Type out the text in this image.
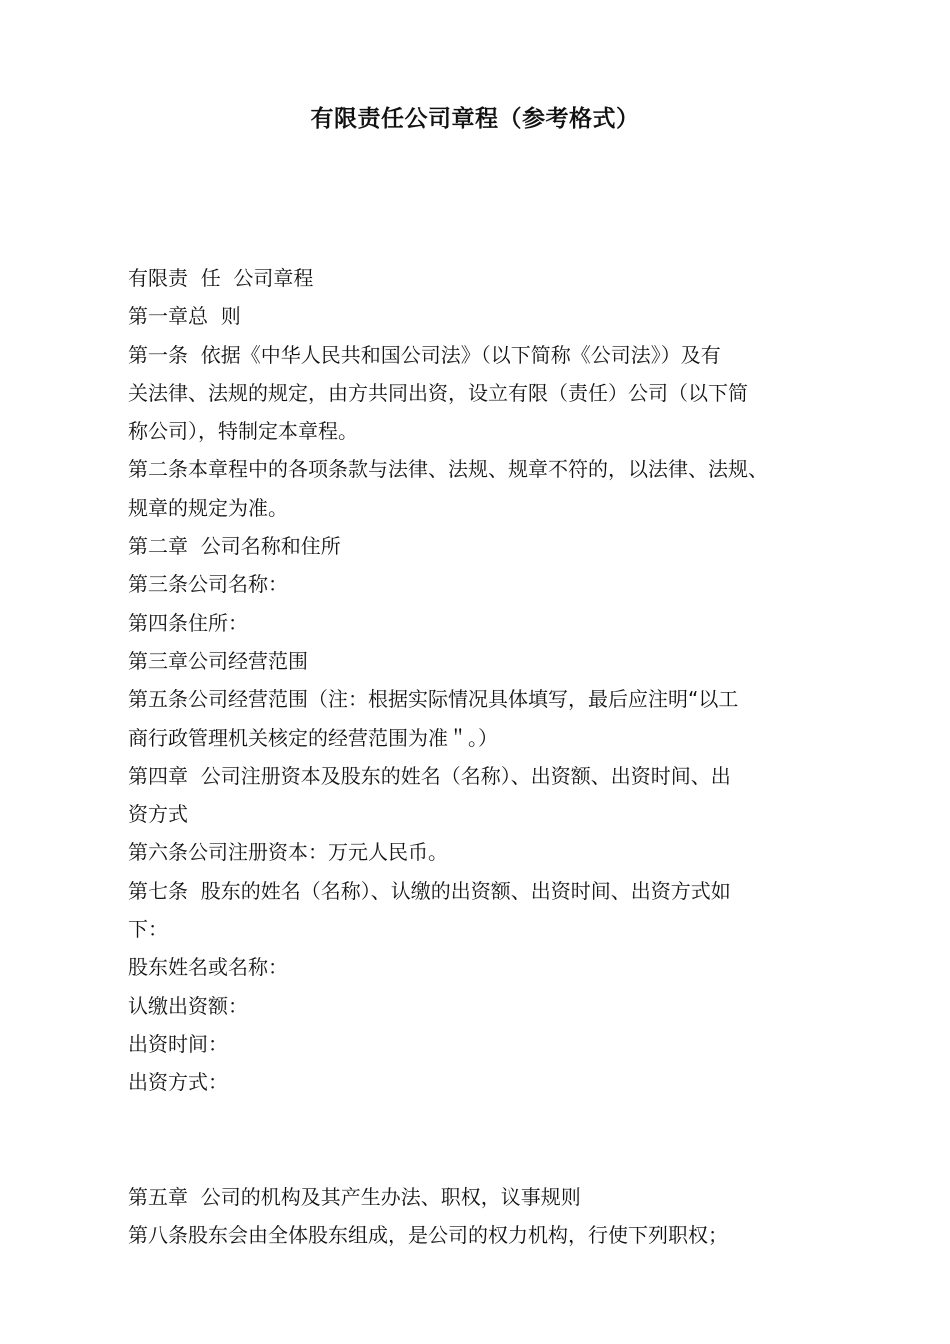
有限责任公司章程（参考格式）
有限责  任  公司章程
第一章总  则
第一条  依据《中华人民共和国公司法》（以下简称《公司法》）及有
关法律、法规的规定，由方共同出资，设立有限（责任）公司（以下简
称公司），特制定本章程。
第二条本章程中的各项条款与法律、法规、规章不符的，以法律、法规、
规章的规定为准。
第二章  公司名称和住所
第三条公司名称：
第四条住所：
第三章公司经营范围
第五条公司经营范围（注：根据实际情况具体填写，最后应注明“以工
商行政管理机关核定的经营范围为准＂。）
第四章  公司注册资本及股东的姓名（名称）、出资额、出资时间、出
资方式
第六条公司注册资本：万元人民币。
第七条  股东的姓名（名称）、认缴的出资额、出资时间、出资方式如
下：
股东姓名或名称：
认缴出资额：
出资时间：
出资方式：
第五章  公司的机构及其产生办法、职权，议事规则
第八条股东会由全体股东组成，是公司的权力机构，行使下列职权；
